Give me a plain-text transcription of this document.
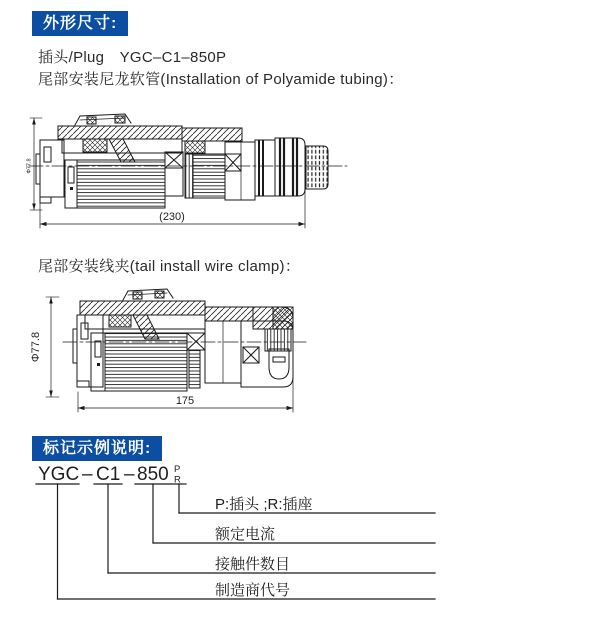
外形尺寸:
插头/Plug　YGC–C1–850P
尾部安装尼龙软管(Installation of Polyamide tubing)：
(230)
Φ77.8
尾部安装线夹(tail install wire clamp)：
175
Φ77.8
标记示例说明:
YGC – C1 – 850 P
R
P:插头 ;R:插座
额定电流
接触件数目
制造商代号
